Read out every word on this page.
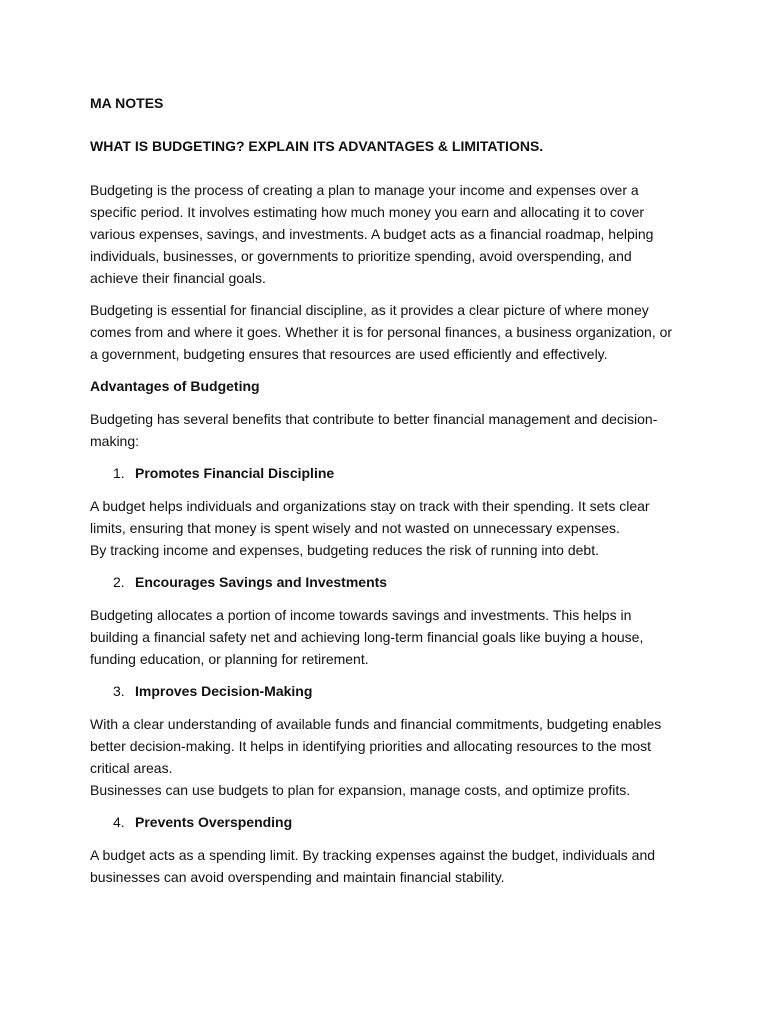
MA NOTES

WHAT IS BUDGETING? EXPLAIN ITS ADVANTAGES & LIMITATIONS.

Budgeting is the process of creating a plan to manage your income and expenses over a specific period. It involves estimating how much money you earn and allocating it to cover various expenses, savings, and investments. A budget acts as a financial roadmap, helping individuals, businesses, or governments to prioritize spending, avoid overspending, and achieve their financial goals.

Budgeting is essential for financial discipline, as it provides a clear picture of where money comes from and where it goes. Whether it is for personal finances, a business organization, or a government, budgeting ensures that resources are used efficiently and effectively.

Advantages of Budgeting

Budgeting has several benefits that contribute to better financial management and decision-making:

1. Promotes Financial Discipline

A budget helps individuals and organizations stay on track with their spending. It sets clear limits, ensuring that money is spent wisely and not wasted on unnecessary expenses.
By tracking income and expenses, budgeting reduces the risk of running into debt.

2. Encourages Savings and Investments

Budgeting allocates a portion of income towards savings and investments. This helps in building a financial safety net and achieving long-term financial goals like buying a house, funding education, or planning for retirement.

3. Improves Decision-Making

With a clear understanding of available funds and financial commitments, budgeting enables better decision-making. It helps in identifying priorities and allocating resources to the most critical areas.
Businesses can use budgets to plan for expansion, manage costs, and optimize profits.

4. Prevents Overspending

A budget acts as a spending limit. By tracking expenses against the budget, individuals and businesses can avoid overspending and maintain financial stability.
